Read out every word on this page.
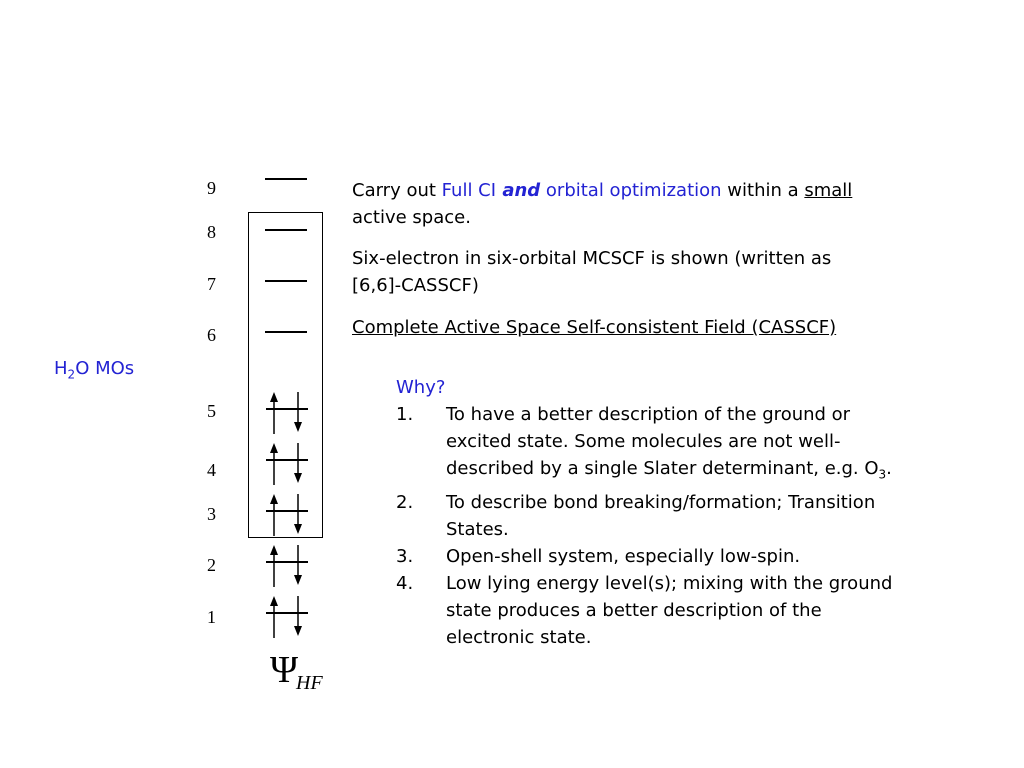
9
8
7
6
5
4
3
2
1
$H_2O$ MOs
Ψ
HF
Carry out Full CI and orbital optimization within a small
active space.
Six-electron in six-orbital MCSCF is shown (written as
[6,6]-CASSCF)
Complete Active Space Self-consistent Field (CASSCF)
Why?
1. To have a better description of the ground or
excited state. Some molecules are not well-
described by a single Slater determinant, e.g. $O_3$.
2. To describe bond breaking/formation; Transition
States.
3. Open-shell system, especially low-spin.
4. Low lying energy level(s); mixing with the ground
state produces a better description of the
electronic state.
